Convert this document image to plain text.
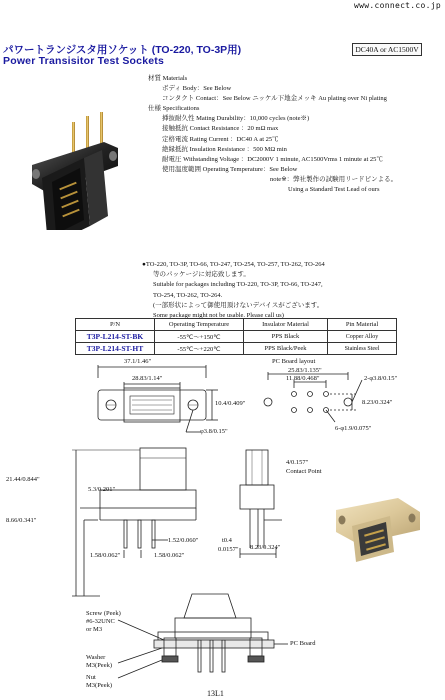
www.connect.co.jp
パワートランジスタ用ソケット (TO-220, TO-3P用)
Power Transisitor Test Sockets
DC40A or AC1500V
材質 Materials
ボディ Body：See Below
コンタクト Contact：See Below ニッケル下地金メッキ Au plating over Ni plating
仕様 Specifications
挿抜耐久性 Mating Durability：10,000 cycles (note※)
接触抵抗 Contact Resistance ：20 mΩ max
定格電流 Rating Current ：DC40 A at 25℃
絶縁抵抗 Insulation Resistance ：500 MΩ min
耐電圧 Withstanding Voltage ：DC2000V 1 minute, AC1500Vrms 1 minute at 25℃
使用温度範囲 Operating Temperature：See Below
note※：弊社製作の試験用リードピンよる。
Using a Standard Test Lead of ours
●TO-220, TO-3P, TO-66, TO-247, TO-254, TO-257, TO-262, TO-264
等のパッケージに対応致します。
Suitable for packages including TO-220, TO-3P, TO-66, TO-247,
TO-254, TO-262, TO-264.
(一部形状によって御使用頂けないデバイスがございます。
Some package might not be usable. Please call us)
P/N	Operating Temperature	Insulator Material	Pin Material
T3P-L214-ST-BK	-55℃～+150℃	PPS Black	Copper Alloy
T3P-L214-ST-HT	-55℃～+220℃	PPS Black/Peek	Stainless Steel
37.1/1.46"
28.83/1.14"
10.4/0.409"
φ3.8/0.15"
PC Board layout
25.83/1.135"
11.88/0.468"	2-φ3.8/0.15"
8.23/0.324"
6-φ1.9/0.075"
21.44/0.844"
5.3/0.201"
8.66/0.341"
1.52/0.060"
1.58/0.062"	1.58/0.062"
4/0.157"
Contact Point
t0.4
0.0157" 8.23/0.324"
Screw (Peek)
#6-32UNC
or M3
Washer
M3(Peek)
Nut
M3(Peek)
PC Board
13L1
